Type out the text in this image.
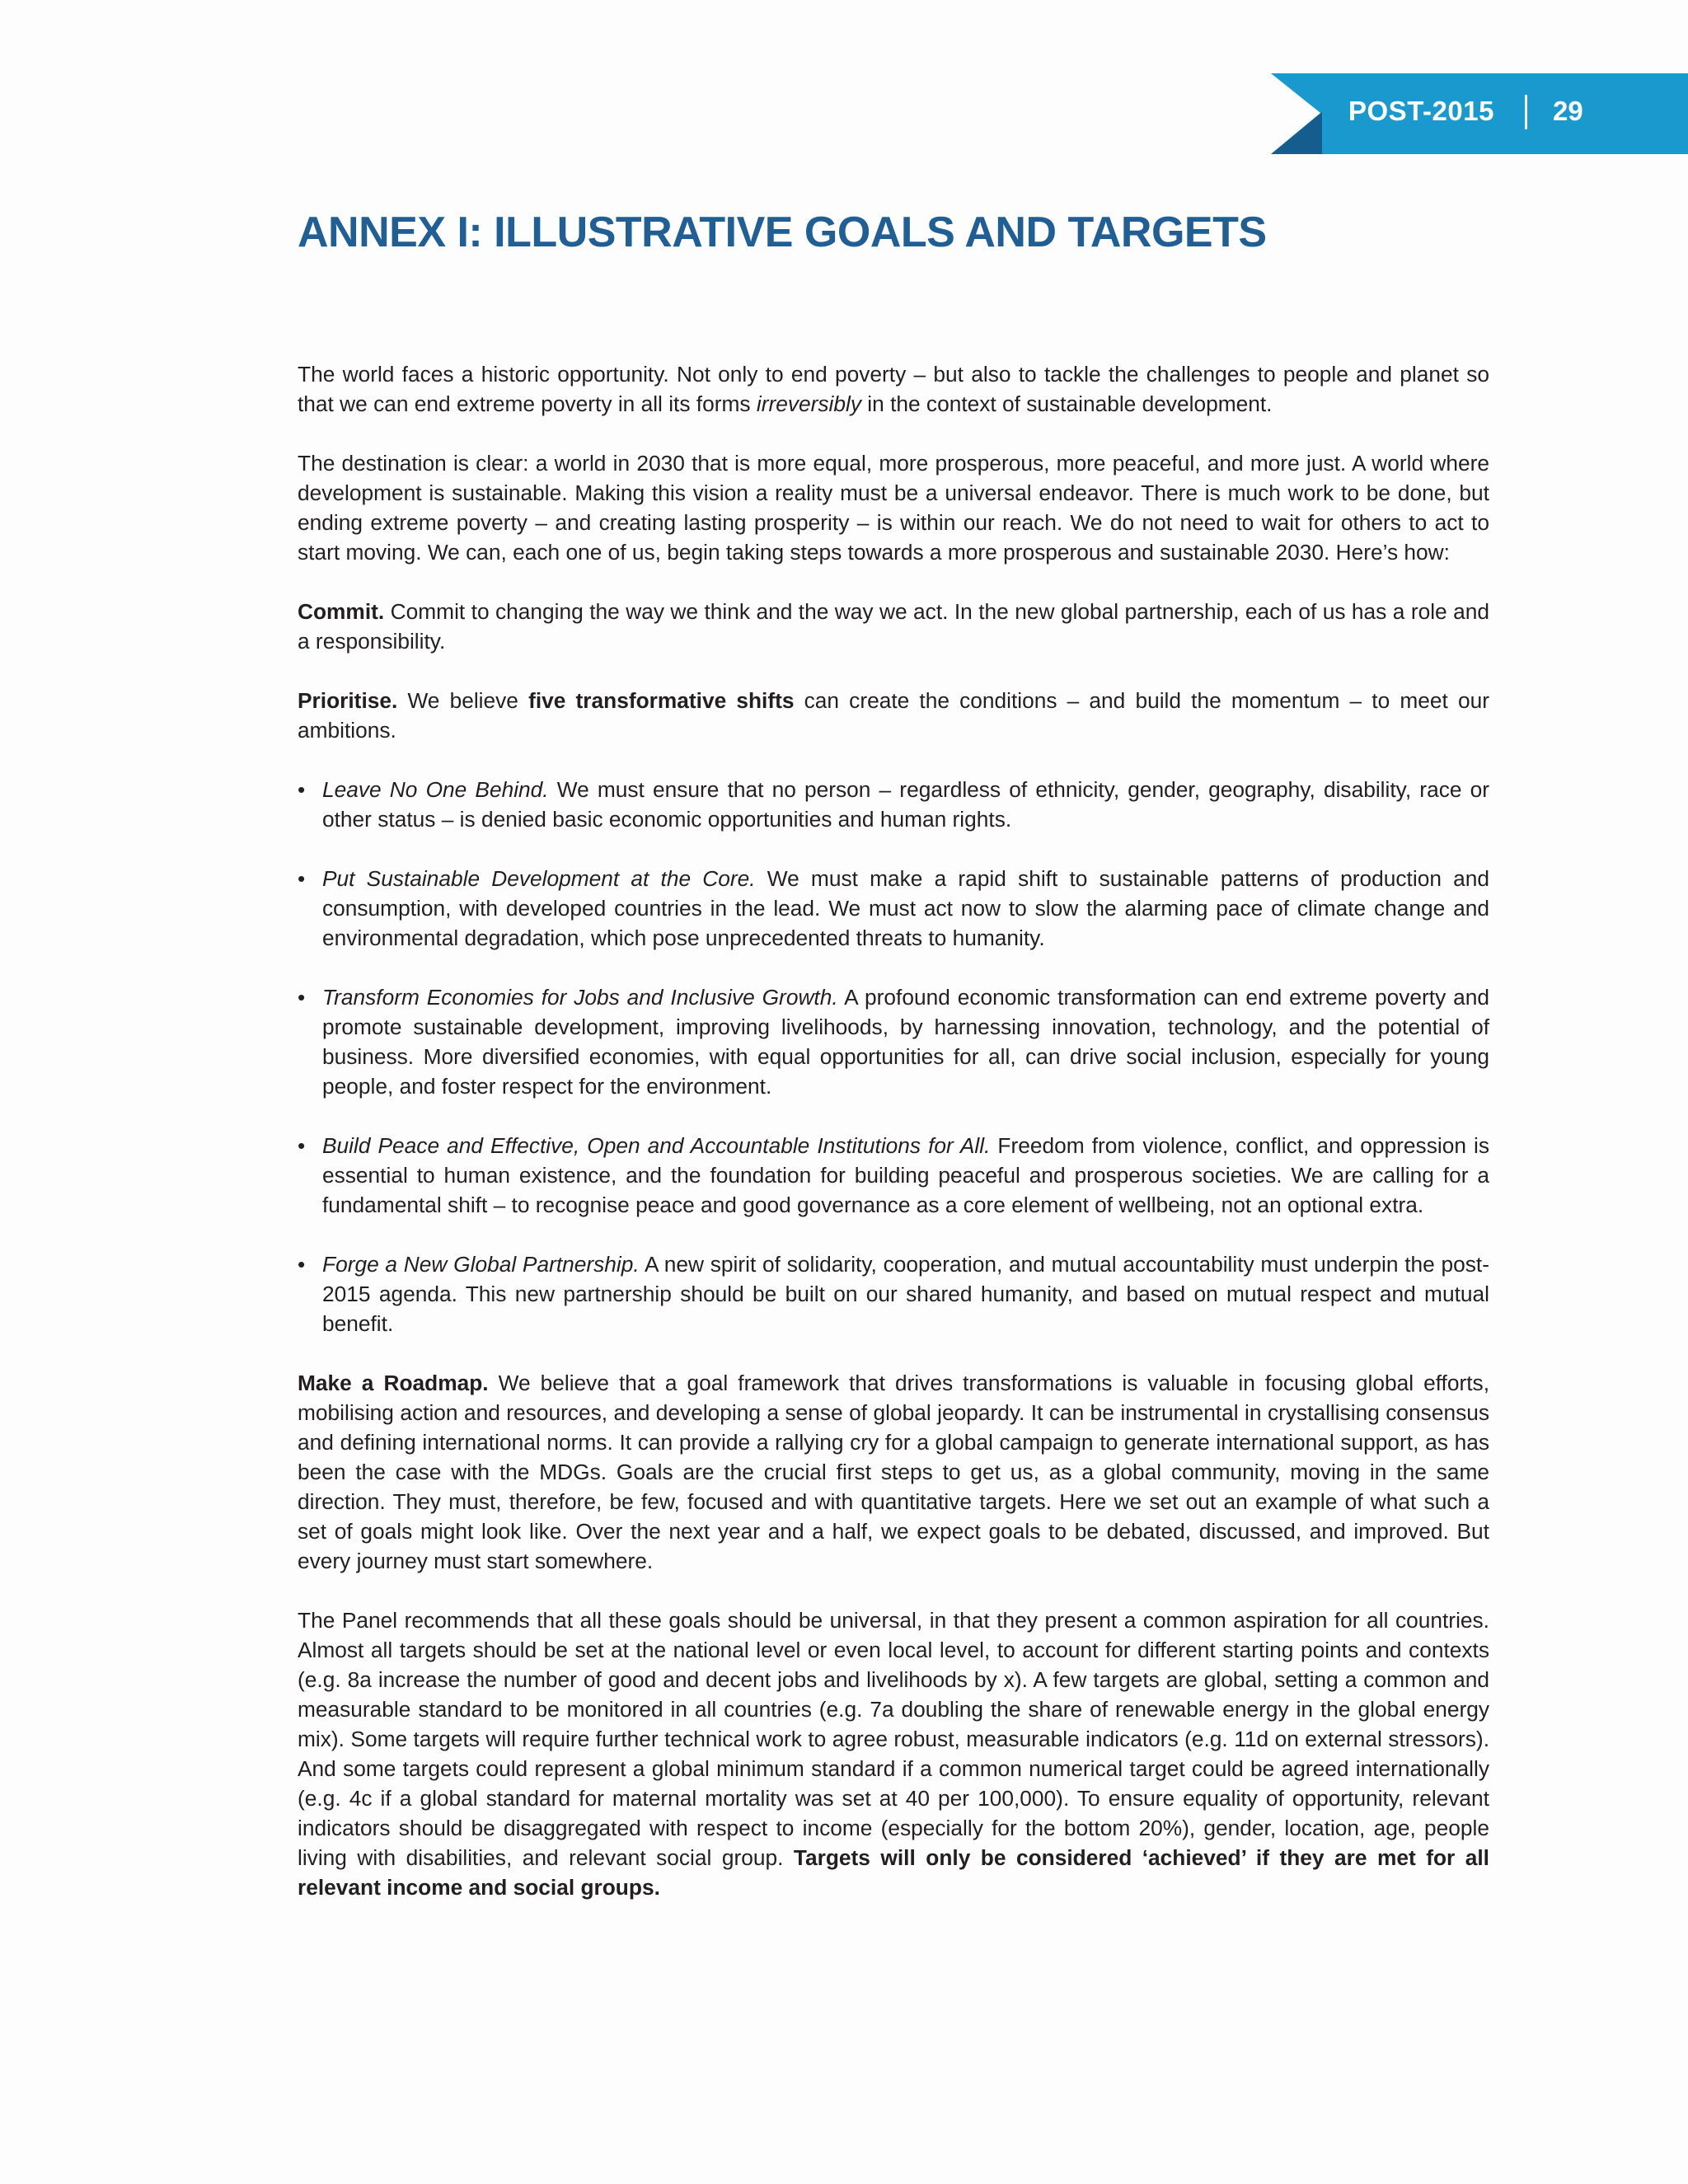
POST-2015 29
ANNEX I: ILLUSTRATIVE GOALS AND TARGETS

The world faces a historic opportunity. Not only to end poverty – but also to tackle the challenges to people and planet so that we can end extreme poverty in all its forms irreversibly in the context of sustainable development.

The destination is clear: a world in 2030 that is more equal, more prosperous, more peaceful, and more just. A world where development is sustainable. Making this vision a reality must be a universal endeavor. There is much work to be done, but ending extreme poverty – and creating lasting prosperity – is within our reach. We do not need to wait for others to act to start moving. We can, each one of us, begin taking steps towards a more prosperous and sustainable 2030. Here’s how:

Commit. Commit to changing the way we think and the way we act. In the new global partnership, each of us has a role and a responsibility.

Prioritise. We believe five transformative shifts can create the conditions – and build the momentum – to meet our ambitions.

• Leave No One Behind. We must ensure that no person – regardless of ethnicity, gender, geography, disability, race or other status – is denied basic economic opportunities and human rights.
• Put Sustainable Development at the Core. We must make a rapid shift to sustainable patterns of production and consumption, with developed countries in the lead. We must act now to slow the alarming pace of climate change and environmental degradation, which pose unprecedented threats to humanity.
• Transform Economies for Jobs and Inclusive Growth. A profound economic transformation can end extreme poverty and promote sustainable development, improving livelihoods, by harnessing innovation, technology, and the potential of business. More diversified economies, with equal opportunities for all, can drive social inclusion, especially for young people, and foster respect for the environment.
• Build Peace and Effective, Open and Accountable Institutions for All. Freedom from violence, conflict, and oppression is essential to human existence, and the foundation for building peaceful and prosperous societies. We are calling for a fundamental shift – to recognise peace and good governance as a core element of wellbeing, not an optional extra.
• Forge a New Global Partnership. A new spirit of solidarity, cooperation, and mutual accountability must underpin the post-2015 agenda. This new partnership should be built on our shared humanity, and based on mutual respect and mutual benefit.

Make a Roadmap. We believe that a goal framework that drives transformations is valuable in focusing global efforts, mobilising action and resources, and developing a sense of global jeopardy. It can be instrumental in crystallising consensus and defining international norms. It can provide a rallying cry for a global campaign to generate international support, as has been the case with the MDGs. Goals are the crucial first steps to get us, as a global community, moving in the same direction. They must, therefore, be few, focused and with quantitative targets. Here we set out an example of what such a set of goals might look like. Over the next year and a half, we expect goals to be debated, discussed, and improved. But every journey must start somewhere.

The Panel recommends that all these goals should be universal, in that they present a common aspiration for all countries. Almost all targets should be set at the national level or even local level, to account for different starting points and contexts (e.g. 8a increase the number of good and decent jobs and livelihoods by x). A few targets are global, setting a common and measurable standard to be monitored in all countries (e.g. 7a doubling the share of renewable energy in the global energy mix). Some targets will require further technical work to agree robust, measurable indicators (e.g. 11d on external stressors). And some targets could represent a global minimum standard if a common numerical target could be agreed internationally (e.g. 4c if a global standard for maternal mortality was set at 40 per 100,000). To ensure equality of opportunity, relevant indicators should be disaggregated with respect to income (especially for the bottom 20%), gender, location, age, people living with disabilities, and relevant social group. Targets will only be considered ‘achieved’ if they are met for all relevant income and social groups.
